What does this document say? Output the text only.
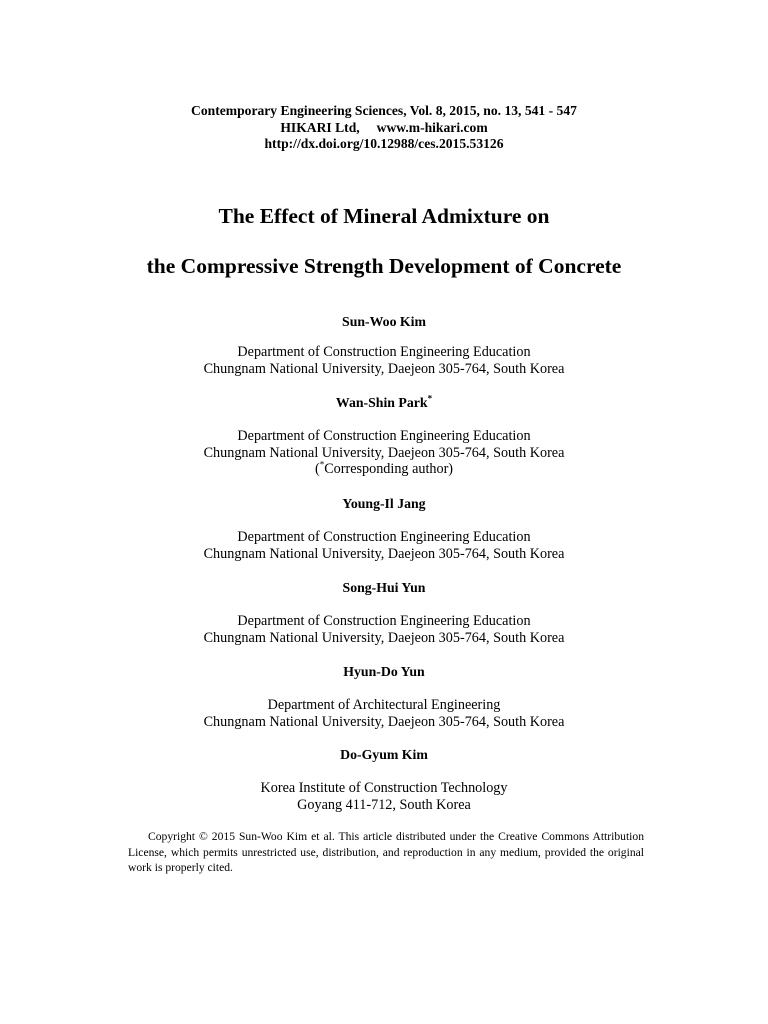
Contemporary Engineering Sciences, Vol. 8, 2015, no. 13, 541 - 547
HIKARI Ltd,     www.m-hikari.com
http://dx.doi.org/10.12988/ces.2015.53126
The Effect of Mineral Admixture on
the Compressive Strength Development of Concrete
Sun-Woo Kim
Department of Construction Engineering Education
Chungnam National University, Daejeon 305-764, South Korea
Wan-Shin Park*
Department of Construction Engineering Education
Chungnam National University, Daejeon 305-764, South Korea
(*Corresponding author)
Young-Il Jang
Department of Construction Engineering Education
Chungnam National University, Daejeon 305-764, South Korea
Song-Hui Yun
Department of Construction Engineering Education
Chungnam National University, Daejeon 305-764, South Korea
Hyun-Do Yun
Department of Architectural Engineering
Chungnam National University, Daejeon 305-764, South Korea
Do-Gyum Kim
Korea Institute of Construction Technology
Goyang 411-712, South Korea
Copyright © 2015 Sun-Woo Kim et al. This article distributed under the Creative Commons Attribution License, which permits unrestricted use, distribution, and reproduction in any medium, provided the original work is properly cited.
